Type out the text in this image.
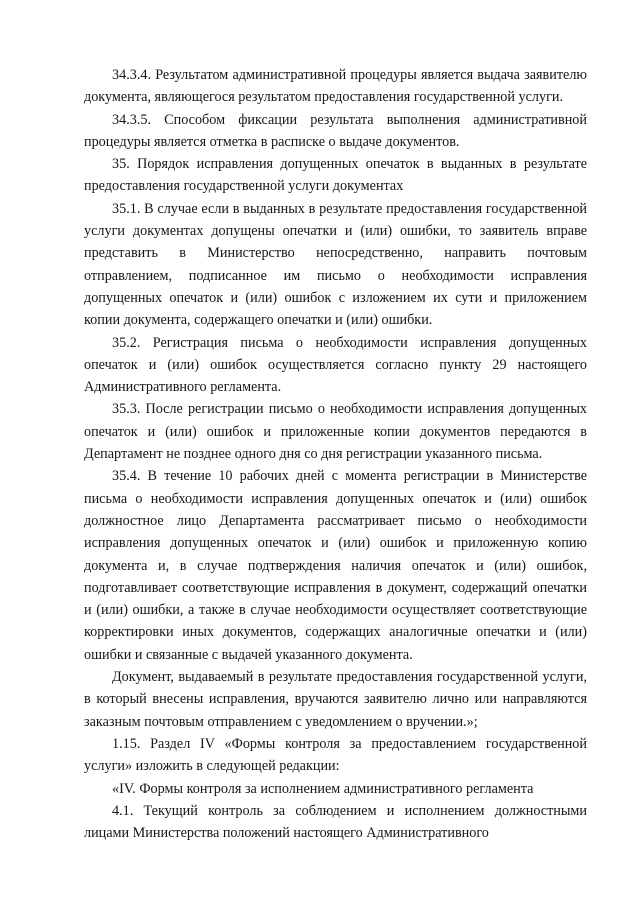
34.3.4. Результатом административной процедуры является выдача заявителю документа, являющегося результатом предоставления государственной услуги.

34.3.5. Способом фиксации результата выполнения административной процедуры является отметка в расписке о выдаче документов.

35. Порядок исправления допущенных опечаток в выданных в результате предоставления государственной услуги документах

35.1. В случае если в выданных в результате предоставления государственной услуги документах допущены опечатки и (или) ошибки, то заявитель вправе представить в Министерство непосредственно, направить почтовым отправлением, подписанное им письмо о необходимости исправления допущенных опечаток и (или) ошибок с изложением их сути и приложением копии документа, содержащего опечатки и (или) ошибки.

35.2. Регистрация письма о необходимости исправления допущенных опечаток и (или) ошибок осуществляется согласно пункту 29 настоящего Административного регламента.

35.3. После регистрации письмо о необходимости исправления допущенных опечаток и (или) ошибок и приложенные копии документов передаются в Департамент не позднее одного дня со дня регистрации указанного письма.

35.4. В течение 10 рабочих дней с момента регистрации в Министерстве письма о необходимости исправления допущенных опечаток и (или) ошибок должностное лицо Департамента рассматривает письмо о необходимости исправления допущенных опечаток и (или) ошибок и приложенную копию документа и, в случае подтверждения наличия опечаток и (или) ошибок, подготавливает соответствующие исправления в документ, содержащий опечатки и (или) ошибки, а также в случае необходимости осуществляет соответствующие корректировки иных документов, содержащих аналогичные опечатки и (или) ошибки и связанные с выдачей указанного документа.

Документ, выдаваемый в результате предоставления государственной услуги, в который внесены исправления, вручаются заявителю лично или направляются заказным почтовым отправлением с уведомлением о вручении.»;

1.15. Раздел IV «Формы контроля за предоставлением государственной услуги» изложить в следующей редакции:

«IV. Формы контроля за исполнением административного регламента

4.1. Текущий контроль за соблюдением и исполнением должностными лицами Министерства положений настоящего Административного
